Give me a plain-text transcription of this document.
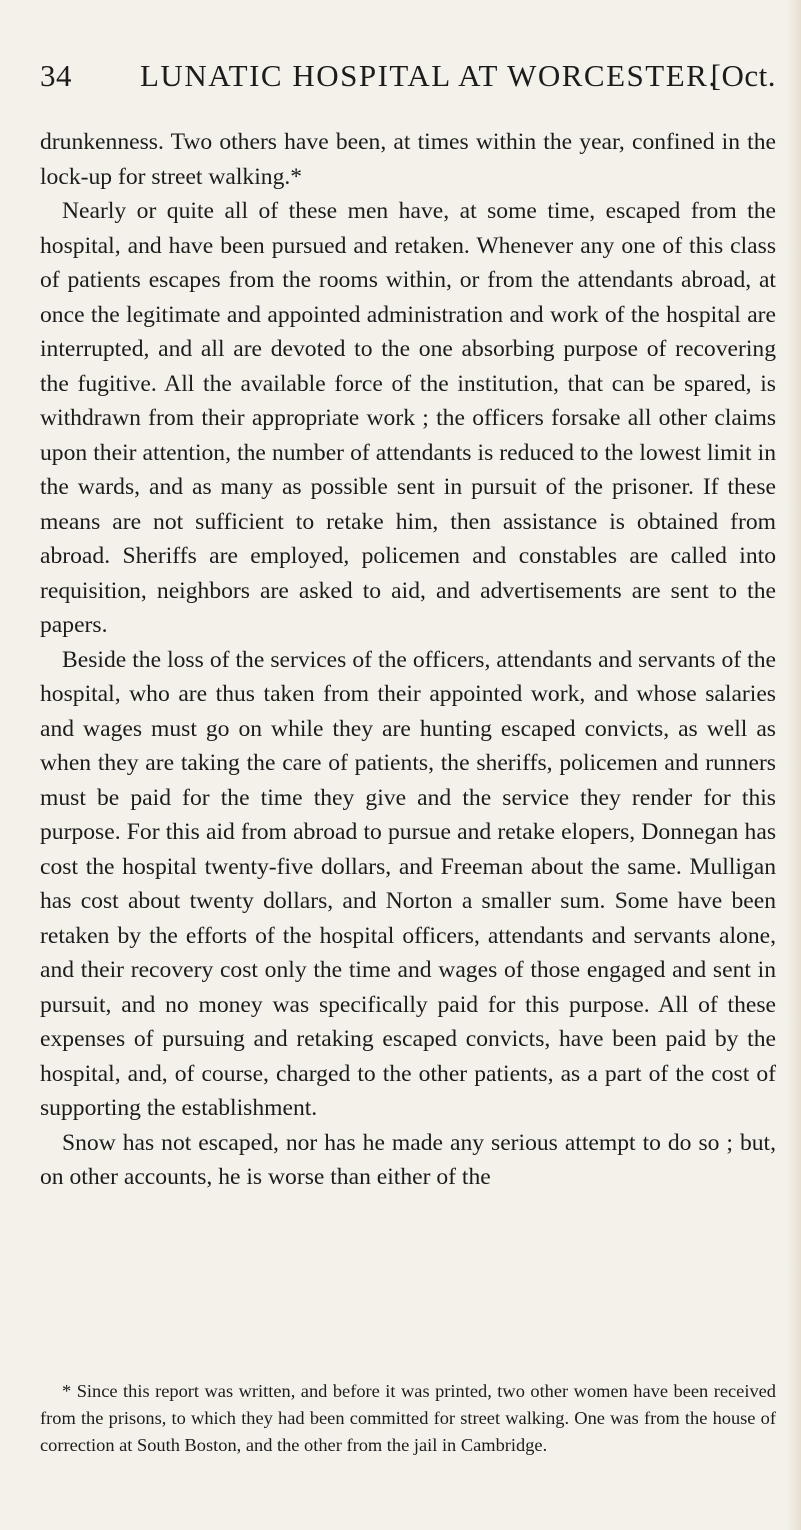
34 LUNATIC HOSPITAL AT WORCESTER.
[Oct.

drunkenness. Two others have been, at times within the year, confined in the lock-up for street walking.*

Nearly or quite all of these men have, at some time, escaped from the hospital, and have been pursued and retaken. Whenever any one of this class of patients escapes from the rooms within, or from the attendants abroad, at once the legitimate and appointed administration and work of the hospital are interrupted, and all are devoted to the one absorbing purpose of recovering the fugitive. All the available force of the institution, that can be spared, is withdrawn from their appropriate work ; the officers forsake all other claims upon their attention, the number of attendants is reduced to the lowest limit in the wards, and as many as possible sent in pursuit of the prisoner. If these means are not sufficient to retake him, then assistance is obtained from abroad. Sheriffs are employed, policemen and constables are called into requisition, neighbors are asked to aid, and advertisements are sent to the papers.

Beside the loss of the services of the officers, attendants and servants of the hospital, who are thus taken from their appointed work, and whose salaries and wages must go on while they are hunting escaped convicts, as well as when they are taking the care of patients, the sheriffs, policemen and runners must be paid for the time they give and the service they render for this purpose. For this aid from abroad to pursue and retake elopers, Donnegan has cost the hospital twenty-five dollars, and Freeman about the same. Mulligan has cost about twenty dollars, and Norton a smaller sum. Some have been retaken by the efforts of the hospital officers, attendants and servants alone, and their recovery cost only the time and wages of those engaged and sent in pursuit, and no money was specifically paid for this purpose. All of these expenses of pursuing and retaking escaped convicts, have been paid by the hospital, and, of course, charged to the other patients, as a part of the cost of supporting the establishment.

Snow has not escaped, nor has he made any serious attempt to do so ; but, on other accounts, he is worse than either of the

* Since this report was written, and before it was printed, two other women have been received from the prisons, to which they had been committed for street walking. One was from the house of correction at South Boston, and the other from the jail in Cambridge.
